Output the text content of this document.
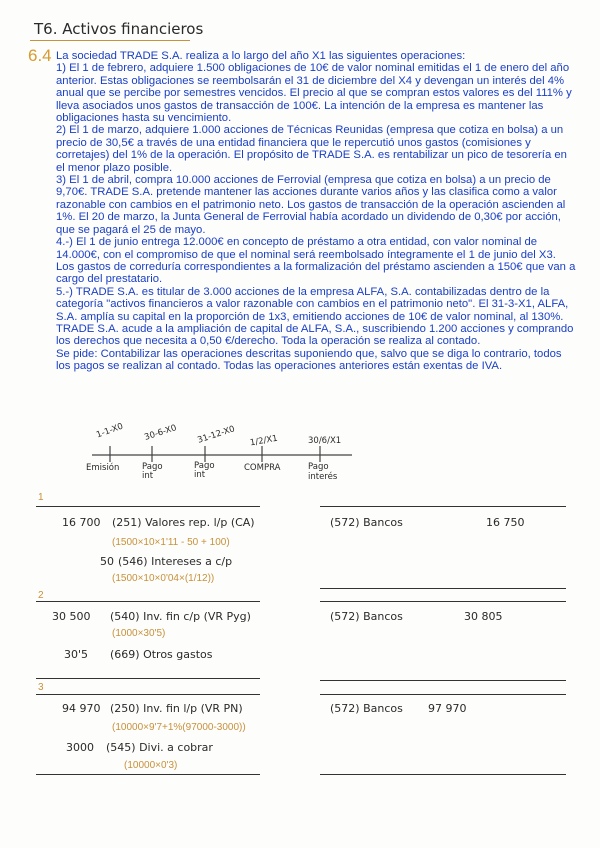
T6. Activos financieros
6.4 La sociedad TRADE S.A. realiza a lo largo del año X1 las siguientes operaciones:

1) El 1 de febrero, adquiere 1.500 obligaciones de 10€ de valor nominal emitidas el 1 de enero del año anterior. Estas obligaciones se reembolsarán el 31 de diciembre del X4 y devengan un interés del 4% anual que se percibe por semestres vencidos. El precio al que se compran estos valores es del 111% y lleva asociados unos gastos de transacción de 100€. La intención de la empresa es mantener las obligaciones hasta su vencimiento.

2) El 1 de marzo, adquiere 1.000 acciones de Técnicas Reunidas (empresa que cotiza en bolsa) a un precio de 30,5€ a través de una entidad financiera que le repercutió unos gastos (comisiones y corretajes) del 1% de la operación. El propósito de TRADE S.A. es rentabilizar un pico de tesorería en el menor plazo posible.

3) El 1 de abril, compra 10.000 acciones de Ferrovial (empresa que cotiza en bolsa) a un precio de 9,70€. TRADE S.A. pretende mantener las acciones durante varios años y las clasifica como a valor razonable con cambios en el patrimonio neto. Los gastos de transacción de la operación ascienden al 1%. El 20 de marzo, la Junta General de Ferrovial había acordado un dividendo de 0,30€ por acción, que se pagará el 25 de mayo.

4.-) El 1 de junio entrega 12.000€ en concepto de préstamo a otra entidad, con valor nominal de 14.000€, con el compromiso de que el nominal será reembolsado íntegramente el 1 de junio del X3. Los gastos de correduría correspondientes a la formalización del préstamo ascienden a 150€ que van a cargo del prestatario.

5.-) TRADE S.A. es titular de 3.000 acciones de la empresa ALFA, S.A. contabilizadas dentro de la categoría "activos financieros a valor razonable con cambios en el patrimonio neto". El 31-3-X1, ALFA, S.A. amplía su capital en la proporción de 1x3, emitiendo acciones de 10€ de valor nominal, al 130%. TRADE S.A. acude a la ampliación de capital de ALFA, S.A., suscribiendo 1.200 acciones y comprando los derechos que necesita a 0,50 €/derecho. Toda la operación se realiza al contado.

Se pide: Contabilizar las operaciones descritas suponiendo que, salvo que se diga lo contrario, todos los pagos se realizan al contado. Todas las operaciones anteriores están exentas de IVA.

1-1-X0 30-6-X0 31-12-X0 1/2/X1	30/6/X1
Emisión	Pago int
Pago int
COMPRA	Pago interés
1
16 700 (251) Valores rep. l/p (CA)
(1500×10×1'11 - 50 + 100)
50 (546) Intereses a c/p
(1500×10×0'04×(1/12))
(572) Bancos	16 750
2
30 500 (540) Inv. fin c/p (VR Pyg)
(1000×30'5)
30'5 (669) Otros gastos
(572) Bancos	30 805
3
94 970 (250) Inv. fin l/p (VR PN)
(10000×9'7+1%(97000-3000))
3000 (545) Divi. a cobrar
(10000×0'3)
(572) Bancos 97 970
